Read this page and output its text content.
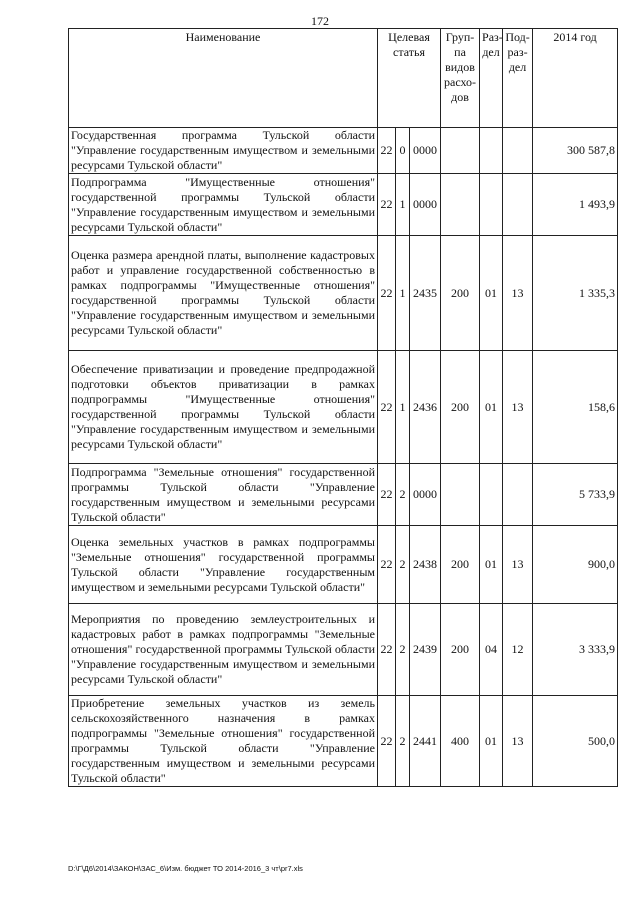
172
Наименование	Целевая статья			Груп-па видов расхо-дов	Раз-дел	Под-раз-дел	2014 год
Государственная программа Тульской области "Управление государственным имуществом и земельными ресурсами Тульской области"	22	0	0000				300 587,8
Подпрограмма "Имущественные отношения" государственной программы Тульской области "Управление государственным имуществом и земельными ресурсами Тульской области"	22	1	0000				1 493,9
Оценка размера арендной платы, выполнение кадастровых работ и управление государственной собственностью в рамках подпрограммы "Имущественные отношения" государственной программы Тульской области "Управление государственным имуществом и земельными ресурсами Тульской области"	22	1	2435	200	01	13	1 335,3
Обеспечение приватизации и проведение предпродажной подготовки объектов приватизации в рамках подпрограммы "Имущественные отношения" государственной программы Тульской области "Управление государственным имуществом и земельными ресурсами Тульской области"	22	1	2436	200	01	13	158,6
Подпрограмма "Земельные отношения" государственной программы Тульской области "Управление государственным имуществом и земельными ресурсами Тульской области"	22	2	0000				5 733,9
Оценка земельных участков в рамках подпрограммы "Земельные отношения" государственной программы Тульской области "Управление государственным имуществом и земельными ресурсами Тульской области"	22	2	2438	200	01	13	900,0
Мероприятия по проведению землеустроительных и кадастровых работ в рамках подпрограммы "Земельные отношения" государственной программы Тульской области "Управление государственным имуществом и земельными ресурсами Тульской области"	22	2	2439	200	04	12	3 333,9
Приобретение земельных участков из земель сельскохозяйственного назначения в рамках подпрограммы "Земельные отношения" государственной программы Тульской области "Управление государственным имуществом и земельными ресурсами Тульской области"	22	2	2441	400	01	13	500,0
D:\Г\Д6\2014\ЗАКОН\ЗАС_6\Изм. бюджет ТО 2014-2016_3 чт\pr7.xls
